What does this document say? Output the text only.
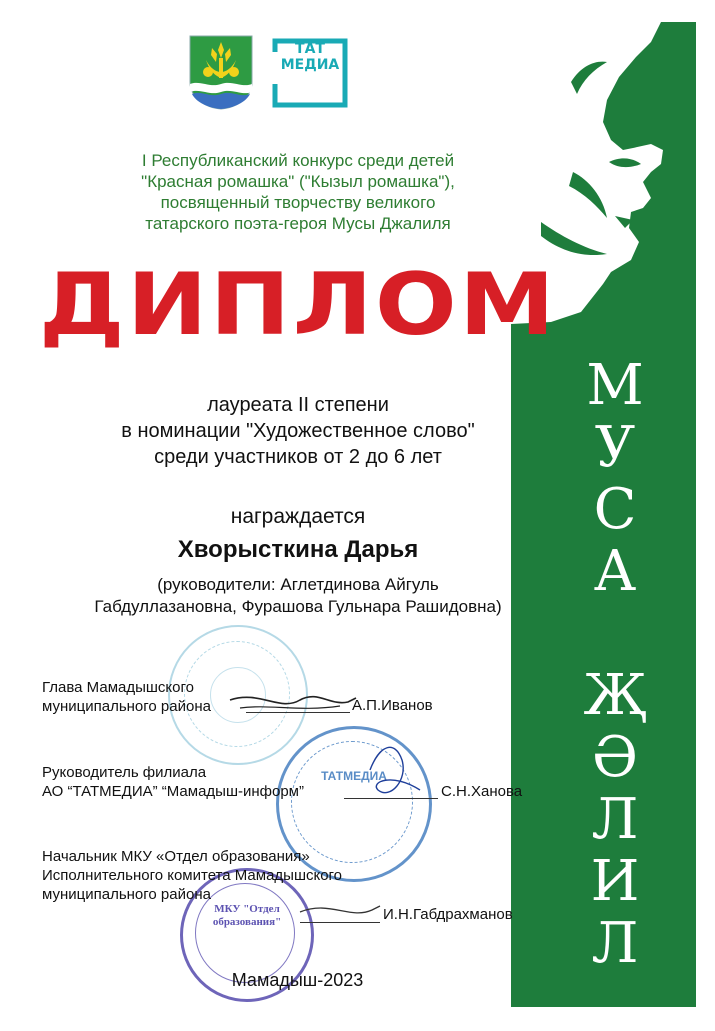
М
У
С
А
Җ
Ә
Л
И
Л
ТАТ
МЕДИА
I Республиканский конкурс среди детей
"Красная ромашка" ("Кызыл ромашка"),
посвященный творчеству великого
татарского поэта-героя Мусы Джалиля
ДИПЛОМ
лауреата II степени
в номинации "Художественное слово"
среди участников от 2 до 6 лет
награждается
Хворысткина Дарья
(руководители: Аглетдинова Айгуль
Габдуллазановна, Фурашова Гульнара Рашидовна)
ТАТМЕДИА
МКУ "Отдел
образования"
Глава Мамадышского
муниципального района	А.П.Иванов
Руководитель филиала
АО “ТАТМЕДИА” “Мамадыш-информ”	С.Н.Ханова
Начальник МКУ «Отдел образования»
Исполнительного комитета Мамадышского
муниципального района
И.Н.Габдрахманов
Мамадыш-2023
